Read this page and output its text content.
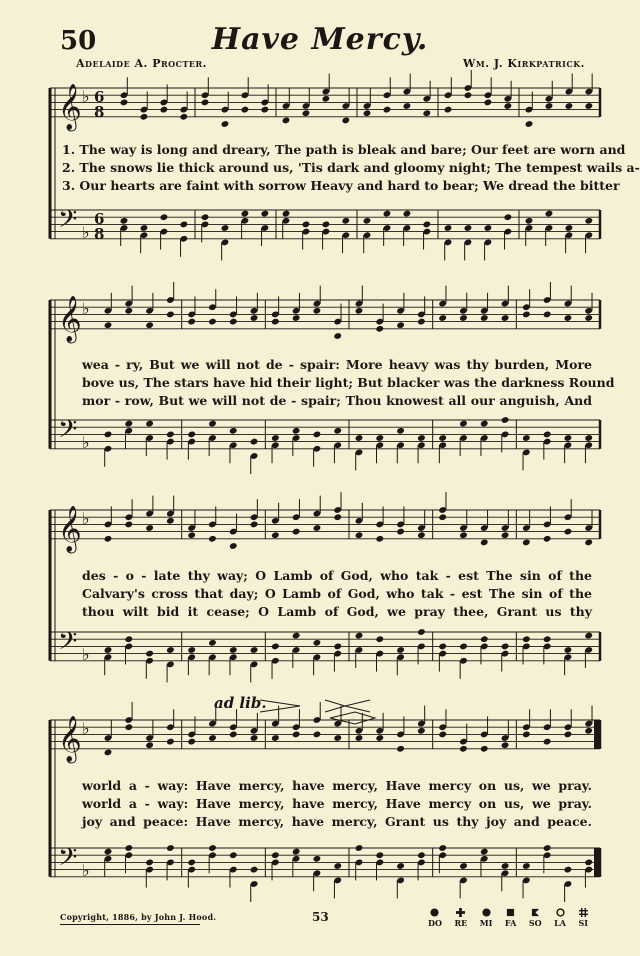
50	Have Mercy.
Adelaide A. Procter.	Wm. J. Kirkpatrick.
𝄞 ♭ 6
8
𝄢 ♭
6
8
𝄞 ♭
𝄢 ♭
𝄞 ♭
𝄢 ♭
𝄞 ♭
𝄢 ♭
1. The way is long and dreary, The path is bleak and bare; Our feet are worn and
2. The snows lie thick around us, 'Tis dark and gloomy night; The tempest wails a-
3. Our hearts are faint with sorrow Heavy and hard to bear; We dread the bitter
wea - ry, But we will not de - spair: More heavy was thy burden, More
bove us, The stars have hid their light; But blacker was the darkness Round
mor - row, But we will not de - spair; Thou knowest all our anguish, And
des - o - late thy way; O Lamb of God, who tak - est The sin of the
Calvary's cross that day; O Lamb of God, who tak - est The sin of the
thou wilt bid it cease; O Lamb of God, we pray thee, Grant us thy
ad lib.
world a - way: Have mercy, have mercy, Have mercy on us, we pray.
world a - way: Have mercy, have mercy, Have mercy on us, we pray.
joy and peace: Have mercy, have mercy, Grant us thy joy and peace.
Copyright, 1886, by John J. Hood.	53	DO RE MI FA SO LA SI
